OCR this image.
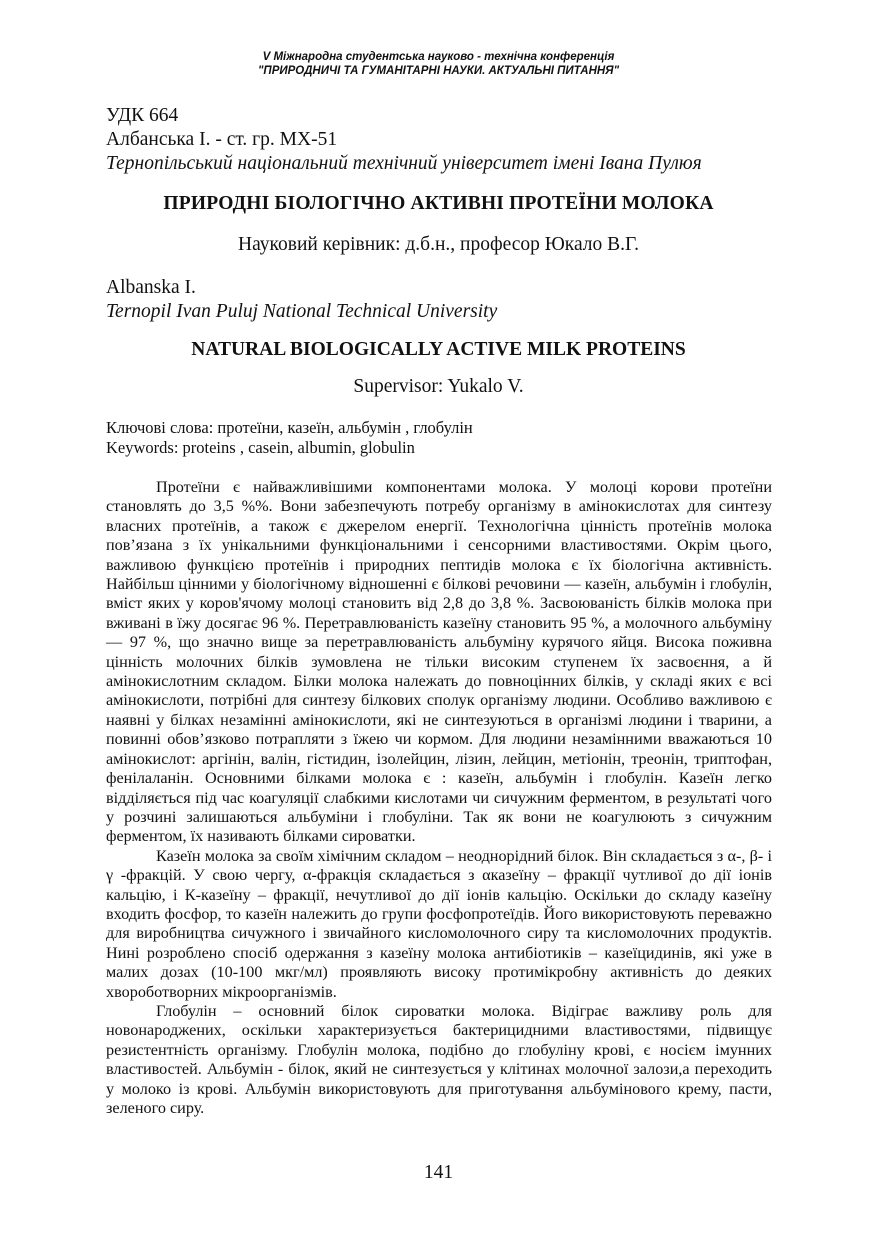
V Міжнародна студентська науково - технічна конференція
"ПРИРОДНИЧІ ТА ГУМАНІТАРНІ НАУКИ. АКТУАЛЬНІ ПИТАННЯ"
УДК 664
Албанська І. - ст. гр. МХ-51
Тернопільський національний технічний університет імені Івана Пулюя
ПРИРОДНІ БІОЛОГІЧНО АКТИВНІ ПРОТЕЇНИ МОЛОКА
Науковий керівник: д.б.н., професор Юкало В.Г.
Albanska I.
Ternopil Ivan Puluj National Technical University
NATURAL BIOLOGICALLY ACTIVE MILK PROTEINS
Supervisor: Yukalo V.
Ключові слова: протеїни, казеїн, альбумін , глобулін
Keywords: proteins , casein, albumin, globulin

Протеїни є найважливішими компонентами молока. У молоці корови протеїни становлять до 3,5 %%. Вони забезпечують потребу організму в амінокислотах для синтезу власних протеїнів, а також є джерелом енергії. Технологічна цінність протеїнів молока пов’язана з їх унікальними функціональними і сенсорними властивостями. Окрім цього, важливою функцією протеїнів і природних пептидів молока є їх біологічна активність. Найбільш цінними у біологічному відношенні є білкові речовини — казеїн, альбумін і глобулін, вміст яких у коров'ячому молоці становить від 2,8 до 3,8 %. Засвоюваність білків молока при вживані в їжу досягає 96 %. Перетравлюваність казеїну становить 95 %, а молочного альбуміну — 97 %, що значно вище за перетравлюваність альбуміну курячого яйця. Висока поживна цінність молочних білків зумовлена не тільки високим ступенем їх засвоєння, а й амінокислотним складом. Білки молока належать до повноцінних білків, у складі яких є всі амінокислоти, потрібні для синтезу білкових сполук організму людини. Особливо важливою є наявні у білках незамінні амінокислоти, які не синтезуються в організмі людини і тварини, а повинні обов’язково потрапляти з їжею чи кормом. Для людини незамінними вважаються 10 амінокислот: аргінін, валін, гістидин, ізолейцин, лізин, лейцин, метіонін, треонін, триптофан, фенілаланін. Основними білками молока є : казеїн, альбумін і глобулін. Казеїн легко відділяється під час коагуляції слабкими кислотами чи сичужним ферментом, в результаті чого у розчині залишаються альбуміни і глобуліни. Так як вони не коагулюють з сичужним ферментом, їх називають білками сироватки.

Казеїн молока за своїм хімічним складом – неоднорідний білок. Він складається з α-, β- і γ -фракцій. У свою чергу, α-фракція складається з αказеїну – фракції чутливої до дії іонів кальцію, і К-казеїну – фракції, нечутливої до дії іонів кальцію. Оскільки до складу казеїну входить фосфор, то казеїн належить до групи фосфопротеїдів. Його використовують переважно для виробництва сичужного і звичайного кисломолочного сиру та кисломолочних продуктів. Нині розроблено спосіб одержання з казеїну молока антибіотиків – казеїцидинів, які уже в малих дозах (10-100 мкг/мл) проявляють високу протимікробну активність до деяких хвороботворних мікроорганізмів.

Глобулін – основний білок сироватки молока. Відіграє важливу роль для новонароджених, оскільки характеризується бактерицидними властивостями, підвищує резистентність організму. Глобулін молока, подібно до глобуліну крові, є носієм імунних властивостей. Альбумін - білок, який не синтезується у клітинах молочної залози,а переходить у молоко із крові. Альбумін використовують для приготування альбумінового крему, пасти, зеленого сиру.

141
